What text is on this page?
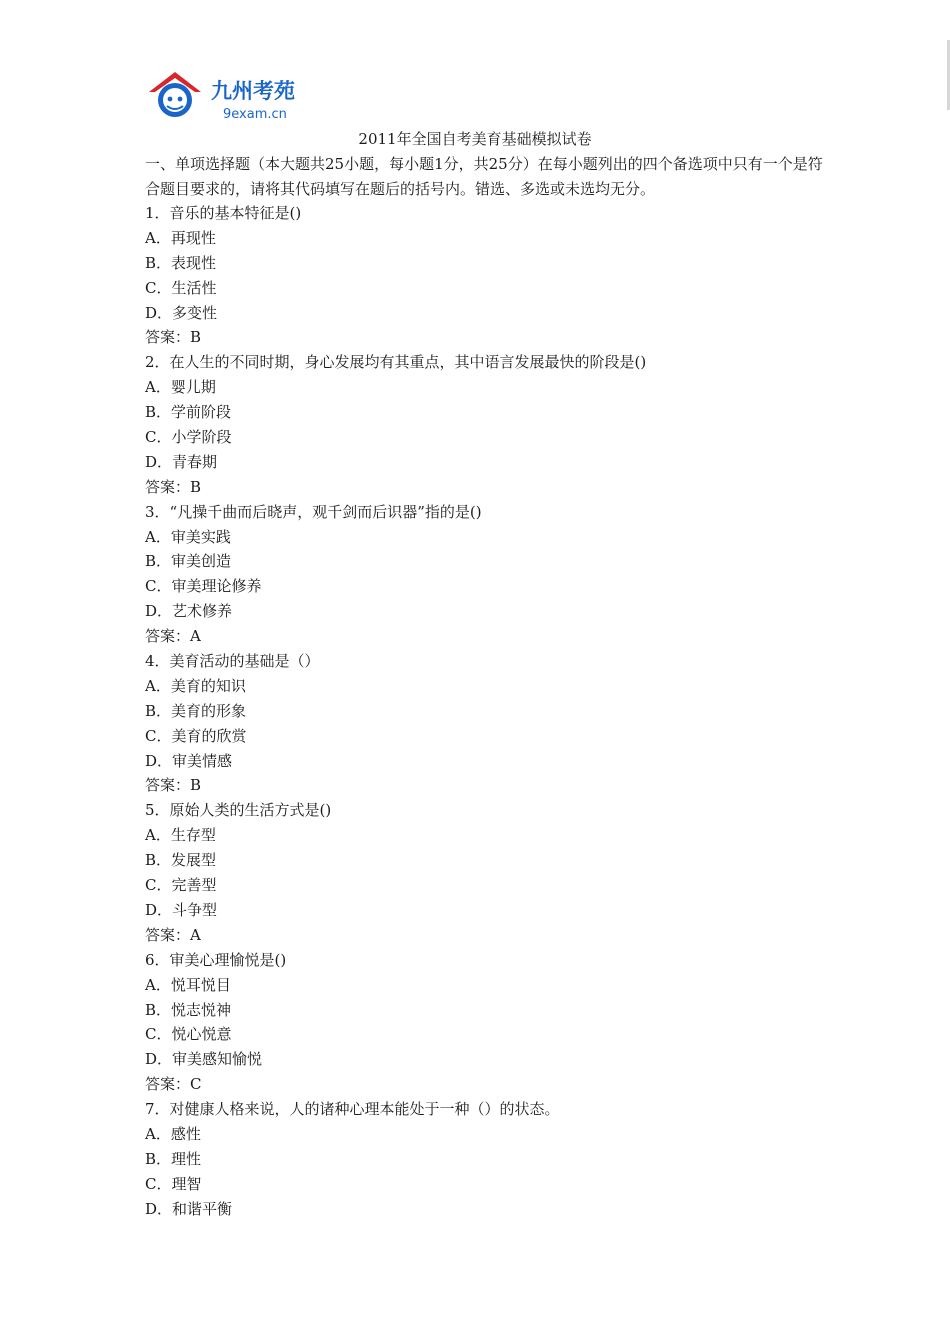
九州考苑
9exam.cn
2011年全国自考美育基础模拟试卷
一、单项选择题（本大题共25小题，每小题1分，共25分）在每小题列出的四个备选项中只有一个是符合题目要求的，请将其代码填写在题后的括号内。错选、多选或未选均无分。
1．音乐的基本特征是()
A．再现性
B．表现性
C．生活性
D．多变性
答案：B
2．在人生的不同时期，身心发展均有其重点，其中语言发展最快的阶段是()
A．婴儿期
B．学前阶段
C．小学阶段
D．青春期
答案：B
3．“凡操千曲而后晓声，观千剑而后识器”指的是()
A．审美实践
B．审美创造
C．审美理论修养
D．艺术修养
答案：A
4．美育活动的基础是（）
A．美育的知识
B．美育的形象
C．美育的欣赏
D．审美情感
答案：B
5．原始人类的生活方式是()
A．生存型
B．发展型
C．完善型
D．斗争型
答案：A
6．审美心理愉悦是()
A．悦耳悦目
B．悦志悦神
C．悦心悦意
D．审美感知愉悦
答案：C
7．对健康人格来说，人的诸种心理本能处于一种（）的状态。
A．感性
B．理性
C．理智
D．和谐平衡
